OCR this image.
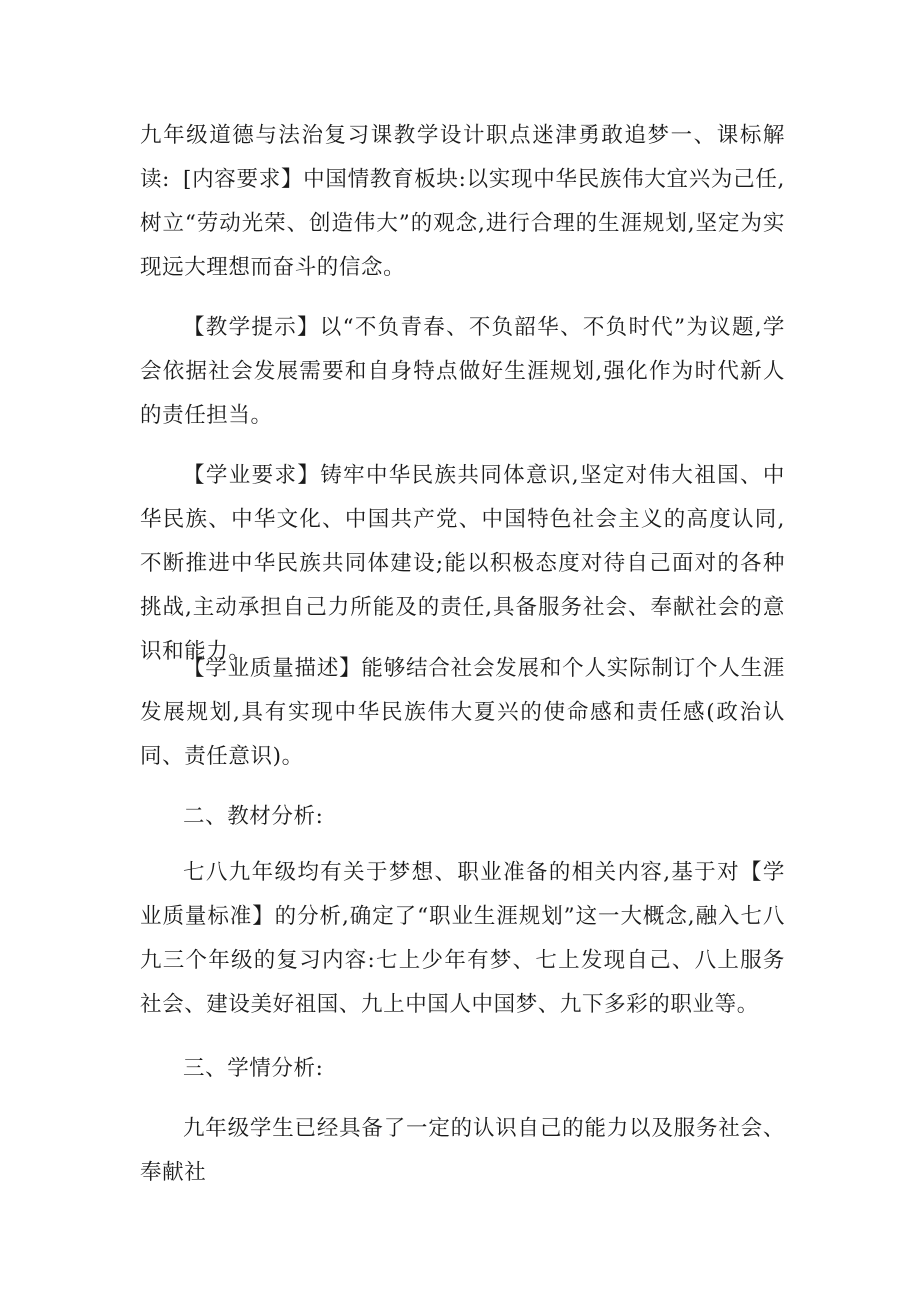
九年级道德与法治复习课教学设计职点迷津勇敢追梦一、课标解读: [内容要求】中国情教育板块:以实现中华民族伟大宜兴为己任,树立“劳动光荣、创造伟大”的观念,进行合理的生涯规划,坚定为实现远大理想而奋斗的信念。

【教学提示】以“不负青春、不负韶华、不负时代”为议题,学会依据社会发展需要和自身特点做好生涯规划,强化作为时代新人的责任担当。

【学业要求】铸牢中华民族共同体意识,坚定对伟大祖国、中华民族、中华文化、中国共产党、中国特色社会主义的高度认同,不断推进中华民族共同体建设;能以积极态度对待自己面对的各种挑战,主动承担自己力所能及的责任,具备服务社会、奉献社会的意识和能力。

【学业质量描述】能够结合社会发展和个人实际制订个人生涯发展规划,具有实现中华民族伟大夏兴的使命感和责任感(政治认同、责任意识)。

二、教材分析:

七八九年级均有关于梦想、职业准备的相关内容,基于对【学业质量标准】的分析,确定了“职业生涯规划”这一大概念,融入七八九三个年级的复习内容:七上少年有梦、七上发现自己、八上服务社会、建设美好祖国、九上中国人中国梦、九下多彩的职业等。

三、学情分析:

九年级学生已经具备了一定的认识自己的能力以及服务社会、奉献社
